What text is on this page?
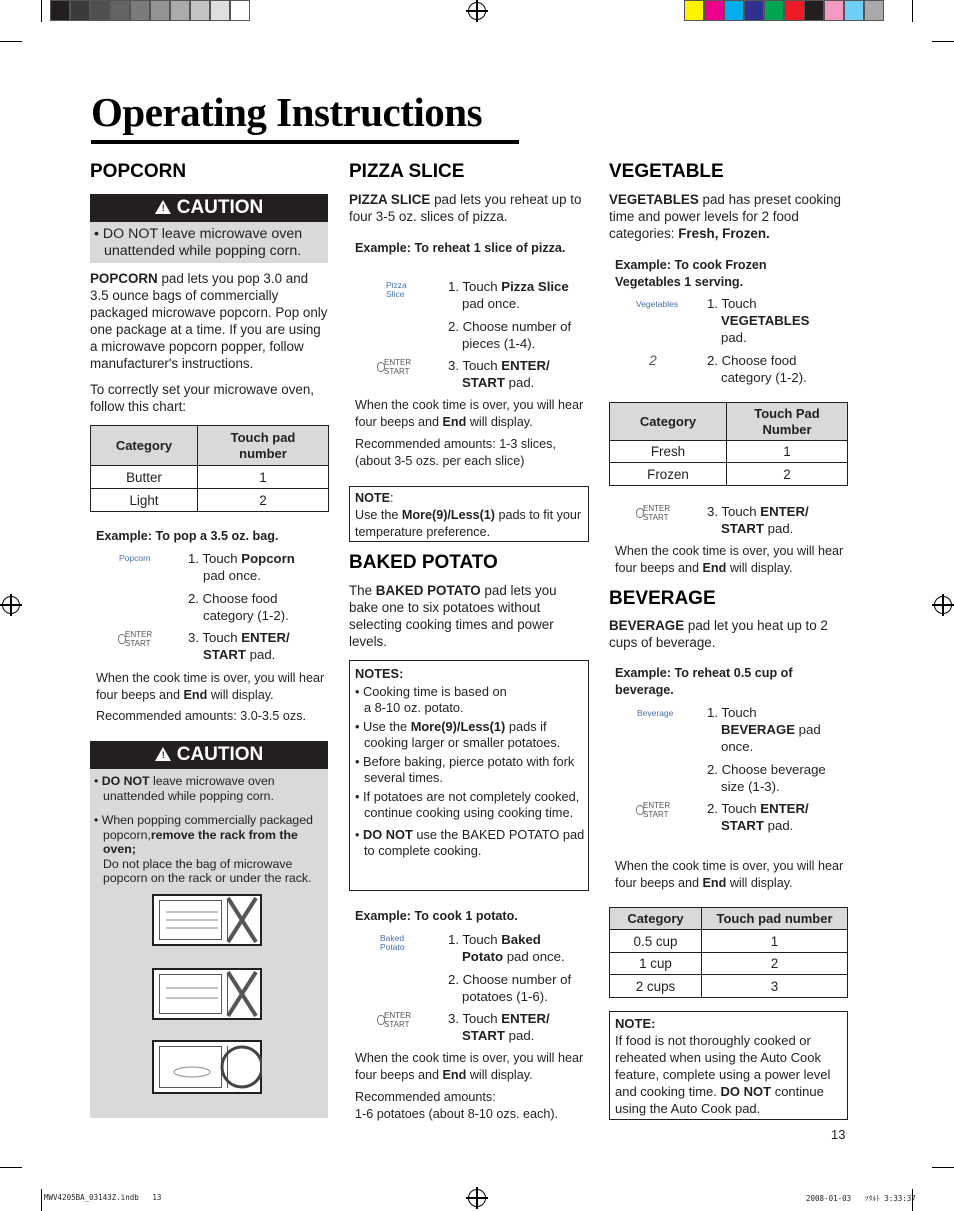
MWV4205BA_03143Z.indb   13	2008-01-03   ｿﾀﾙﾄ 3:33:37
Operating Instructions
POPCORN
! CAUTION
• DO NOT leave microwave oven unattended while popping corn.
POPCORN pad lets you pop 3.0 and 3.5 ounce bags of commercially packaged microwave popcorn. Pop only one package at a time. If you are using a microwave popcorn popper, follow manufacturer's instructions.
To correctly set your microwave oven, follow this chart:
Category	Touch pad number
Butter	1
Light	2
Example: To pop a 3.5 oz. bag.
Popcorn	1. Touch Popcorn
pad once.
2. Choose food
category (1-2).
ENTER
START	3. Touch ENTER/
START pad.
When the cook time is over, you will hear four beeps and End will display.
Recommended amounts: 3.0-3.5 ozs.
! CAUTION
• DO NOT leave microwave oven unattended while popping corn.
• When popping commercially packaged popcorn,remove the rack from the oven;
Do not place the bag of microwave popcorn on the rack or under the rack.
PIZZA SLICE
PIZZA SLICE pad lets you reheat up to four 3-5 oz. slices of pizza.
Example: To reheat 1 slice of pizza.
Pizza
Slice	1. Touch Pizza Slice
pad once.
2. Choose number of
pieces (1-4).
ENTER
START	3. Touch ENTER/
START pad.
When the cook time is over, you will hear four beeps and End will display.
Recommended amounts: 1-3 slices, (about 3-5 ozs. per each slice)
NOTE:
Use the More(9)/Less(1) pads to fit your temperature preference.
BAKED POTATO
The BAKED POTATO pad lets you bake one to six potatoes without selecting cooking times and power levels.
NOTES:
• Cooking time is based on
a 8-10 oz. potato.
• Use the More(9)/Less(1) pads if cooking larger or smaller potatoes.
• Before baking, pierce potato with fork several times.
• If potatoes are not completely cooked, continue cooking using cooking time.
• DO NOT use the BAKED POTATO pad to complete cooking.
Example: To cook 1 potato.
Baked
Potato	1. Touch Baked
Potato pad once.
2. Choose number of
potatoes (1-6).
ENTER
START	3. Touch ENTER/
START pad.
When the cook time is over, you will hear four beeps and End will display.
Recommended amounts:
1-6 potatoes (about 8-10 ozs. each).
VEGETABLE
VEGETABLES pad has preset cooking time and power levels for 2 food categories: Fresh, Frozen.
Example: To cook Frozen Vegetables 1 serving.
Vegetables 1. Touch
VEGETABLES
pad.
2	2. Choose food
category (1-2).
Category	Touch Pad Number
Fresh	1
Frozen	2
ENTER
START	3. Touch ENTER/
START pad.
When the cook time is over, you will hear four beeps and End will display.
BEVERAGE
BEVERAGE pad let you heat up to 2 cups of beverage.
Example: To reheat 0.5 cup of beverage.
Beverage	1. Touch
BEVERAGE pad
once.
2. Choose beverage
size (1-3).
ENTER
START	2. Touch ENTER/
START pad.
When the cook time is over, you will hear four beeps and End will display.
Category	Touch pad number
0.5 cup	1
1 cup	2
2 cups	3
NOTE:
If food is not thoroughly cooked or reheated when using the Auto Cook feature, complete using a power level and cooking time. DO NOT continue using the Auto Cook pad.
13
